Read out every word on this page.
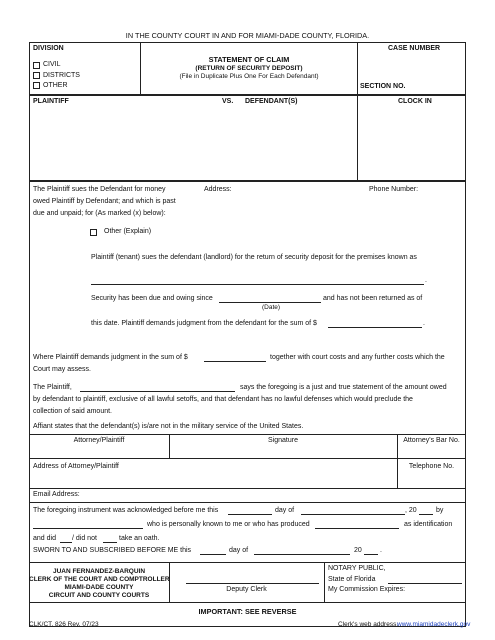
IN THE COUNTY COURT IN AND FOR MIAMI-DADE COUNTY, FLORIDA.
DIVISION
CIVIL
DISTRICTS
OTHER
STATEMENT OF CLAIM
(RETURN OF SECURITY DEPOSIT)
(File in Duplicate Plus One For Each Defendant)
CASE NUMBER
SECTION NO.
PLAINTIFF	VS. DEFENDANT(S)	CLOCK IN
The Plaintiff sues the Defendant for money
owed Plaintiff by Defendant; and which is past
due and unpaid; for (As marked (x) below):
Address:	Phone Number:
Other (Explain)
Plaintiff (tenant) sues the defendant (landlord) for the return of security deposit for the premises known as
.
Security has been due and owing since	and has not been returned as of
(Date)
this date. Plaintiff demands judgment from the defendant for the sum of $	.
Where Plaintiff demands judgment in the sum of $	together with court costs and any further costs which the
Court may assess.
The Plaintiff,	says the foregoing is a just and true statement of the amount owed
by defendant to plaintiff, exclusive of all lawful setoffs, and that defendant has no lawful defenses which would preclude the
collection of said amount.
Affiant states that the defendant(s) is/are not in the military service of the United States.
Attorney/Plaintiff	Signature	Attorney's Bar No.
Address of Attorney/Plaintiff	Telephone No.
Email Address:
The foregoing instrument was acknowledged before me this	day of	, 20	by
who is personally known to me or who has produced	as identification
and did / did not	take an oath.
SWORN TO AND SUBSCRIBED BEFORE ME this	day of	20	.
JUAN FERNANDEZ-BARQUIN
CLERK OF THE COURT AND COMPTROLLER
MIAMI-DADE COUNTY
CIRCUIT AND COUNTY COURTS
Deputy Clerk
NOTARY PUBLIC,
State of Florida
My Commission Expires:
IMPORTANT: SEE REVERSE
CLK/CT. 826 Rev. 07/23	Clerk's web address:
www.miamidadeclerk.gov
